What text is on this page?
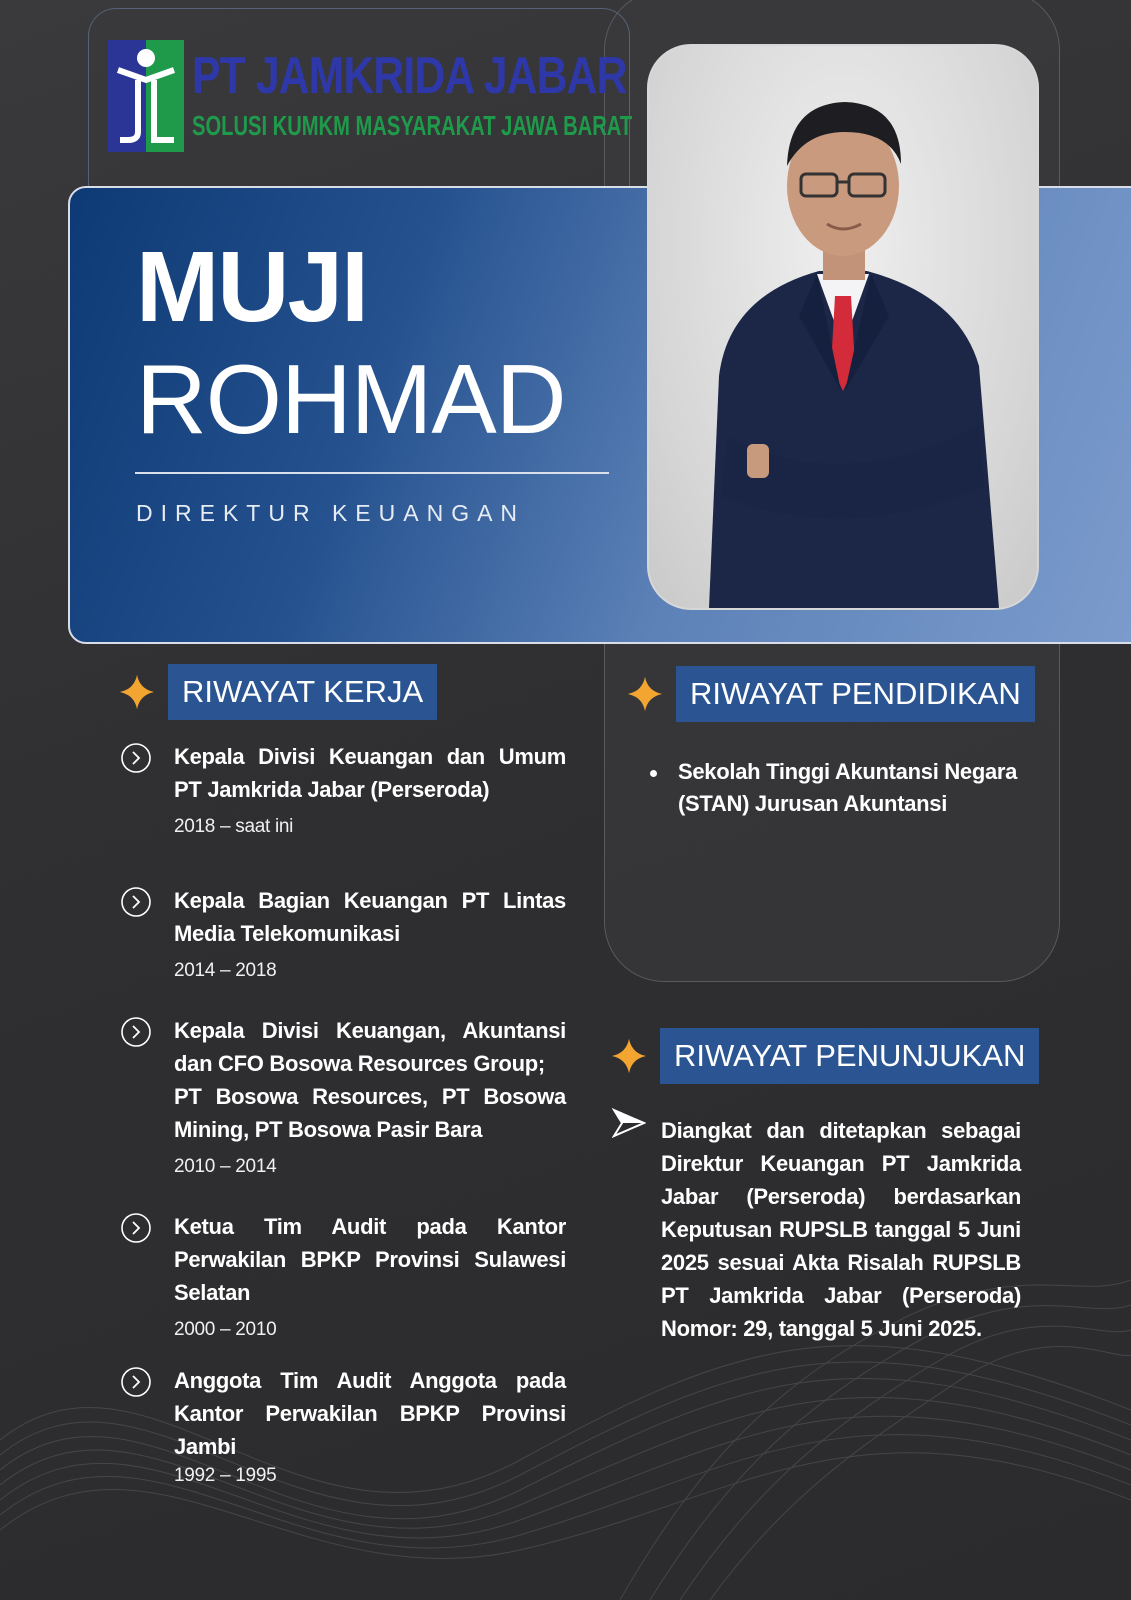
PT JAMKRIDA JABAR
SOLUSI KUMKM MASYARAKAT JAWA BARAT
MUJI
ROHMAD
DIREKTUR KEUANGAN
RIWAYAT KERJA
Kepala Divisi Keuangan dan Umum PT Jamkrida Jabar (Perseroda)
2018 – saat ini
Kepala Bagian Keuangan PT Lintas Media Telekomunikasi
2014 – 2018
Kepala Divisi Keuangan, Akuntansi dan CFO Bosowa Resources Group;
PT Bosowa Resources, PT Bosowa Mining, PT Bosowa Pasir Bara
2010 – 2014
Ketua Tim Audit pada Kantor Perwakilan BPKP Provinsi Sulawesi Selatan
2000 – 2010
Anggota Tim Audit Anggota pada Kantor Perwakilan BPKP Provinsi Jambi
1992 – 1995
RIWAYAT PENDIDIKAN
Sekolah Tinggi Akuntansi Negara (STAN) Jurusan Akuntansi
RIWAYAT PENUNJUKAN
Diangkat dan ditetapkan sebagai Direktur Keuangan PT Jamkrida Jabar (Perseroda) berdasarkan Keputusan RUPSLB tanggal 5 Juni 2025 sesuai Akta Risalah RUPSLB PT Jamkrida Jabar (Perseroda) Nomor: 29, tanggal 5 Juni 2025.
